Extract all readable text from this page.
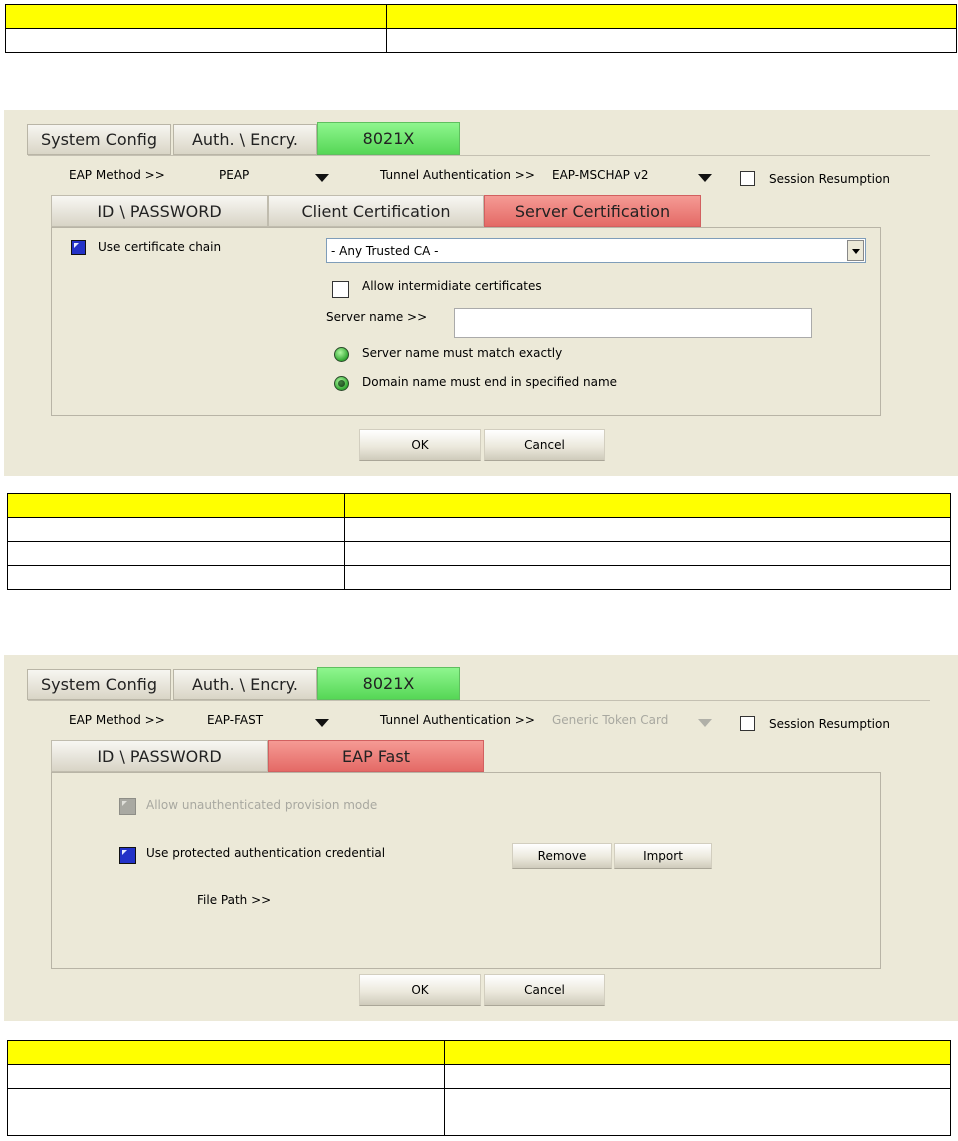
System Config	Auth. \ Encry.	8021X
EAP Method >>	PEAP	Tunnel Authentication >> EAP-MSCHAP v2	Session Resumption
ID \ PASSWORD	Client Certification	Server Certification
Use certificate chain	- Any Trusted CA -
Allow intermidiate certificates
Server name >>
Server name must match exactly
Domain name must end in specified name
OK	Cancel

System Config	Auth. \ Encry.	8021X
EAP Method >>	EAP-FAST	Tunnel Authentication >> Generic Token Card	Session Resumption
ID \ PASSWORD	EAP Fast
Allow unauthenticated provision mode
Use protected authentication credential	Remove	Import
File Path >>
OK	Cancel
